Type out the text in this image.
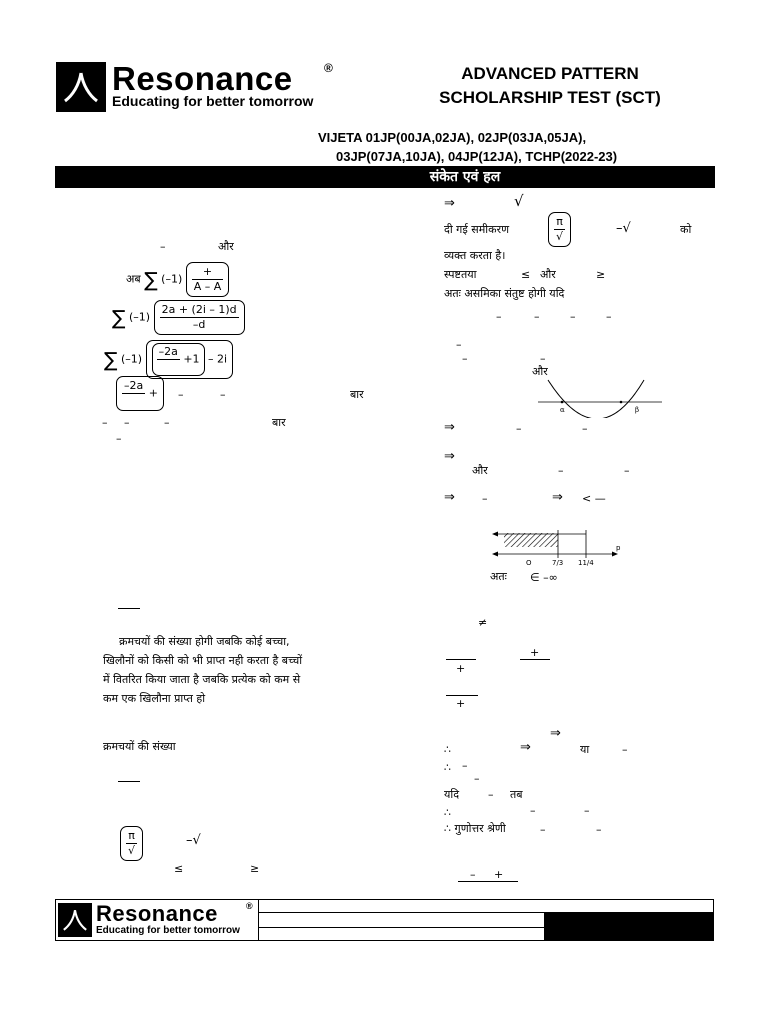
Resonance	®
Educating for better tomorrow
ADVANCED PATTERN
SCHOLARSHIP TEST (SCT)
VIJETA 01JP(00JA,02JA), 02JP(03JA,05JA),
03JP(07JA,10JA), 04JP(12JA), TCHP(2022-23)
संकेत एवं हल
–	और
अब ∑ $(-1) \frac{+}{A - A}$
∑ $(-1) \frac{2a + (2i - 1)d}{-d}$
∑ (–1)
–2a

+1 – 2i
–2a

+	–	–	बार
– –	–	बार
–
क्रमचयों की संख्या होगी जबकि कोई बच्चा,
खिलौनों को किसी को भी प्राप्त नही करता है बच्चों
में वितरित किया जाता है जबकि प्रत्येक को कम से
कम एक खिलौना प्राप्त हो
क्रमचयों की संख्या
$\frac{\pi}{√}$	–√
≤	≥
⇒	√
दी गई समीकरण	$\frac{\pi}{√}$	–√	को
व्यक्त करता है।
स्पष्टतया	≤ और	≥
अतः असमिका संतुष्ट होगी यदि
–	–	–	–
–
–	–
और
α	β
⇒	–	–
⇒
और	–	–
⇒ –	⇒ < —
O	7/3 11/4
p
अतः ∈ –∞
≠
+
+
+
⇒
∴	⇒	या	–
∴ –
–
यदि	– तब
∴	–	–
∴ गुणोत्तर श्रेणी	–	–
– +
Resonance	®
Educating for better tomorrow
